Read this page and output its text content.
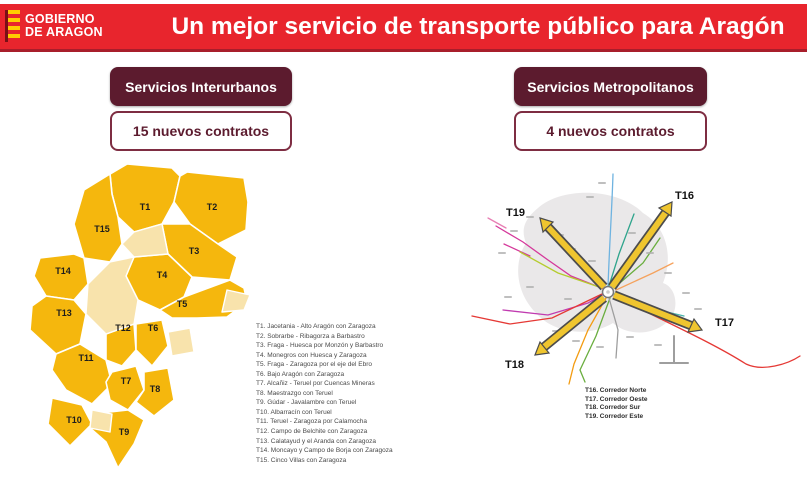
GOBIERNO
DE ARAGON	Un mejor servicio de transporte público para Aragón
Servicios Interurbanos
15 nuevos contratos
T1	T2
T3
T4
T5
T6
T7
T8
T9
T10
T11
T12
T13
T14
T15
T1. Jacetania - Alto Aragón con Zaragoza
T2. Sobrarbe - Ribagorza a Barbastro
T3. Fraga - Huesca por Monzón y Barbastro
T4. Monegros con Huesca y Zaragoza
T5. Fraga - Zaragoza por el eje del Ebro
T6. Bajo Aragón con Zaragoza
T7. Alcañiz - Teruel por Cuencas Mineras
T8. Maestrazgo con Teruel
T9. Gúdar - Javalambre con Teruel
T10. Albarracín con Teruel
T11. Teruel - Zaragoza por Calamocha
T12. Campo de Belchite con Zaragoza
T13. Calatayud y el Aranda con Zaragoza
T14. Moncayo y Campo de Borja con Zaragoza
T15. Cinco Villas con Zaragoza
Servicios Metropolitanos
4 nuevos contratos
T16
T17
T18
T19
T16. Corredor Norte
T17. Corredor Oeste
T18. Corredor Sur
T19. Corredor Este
